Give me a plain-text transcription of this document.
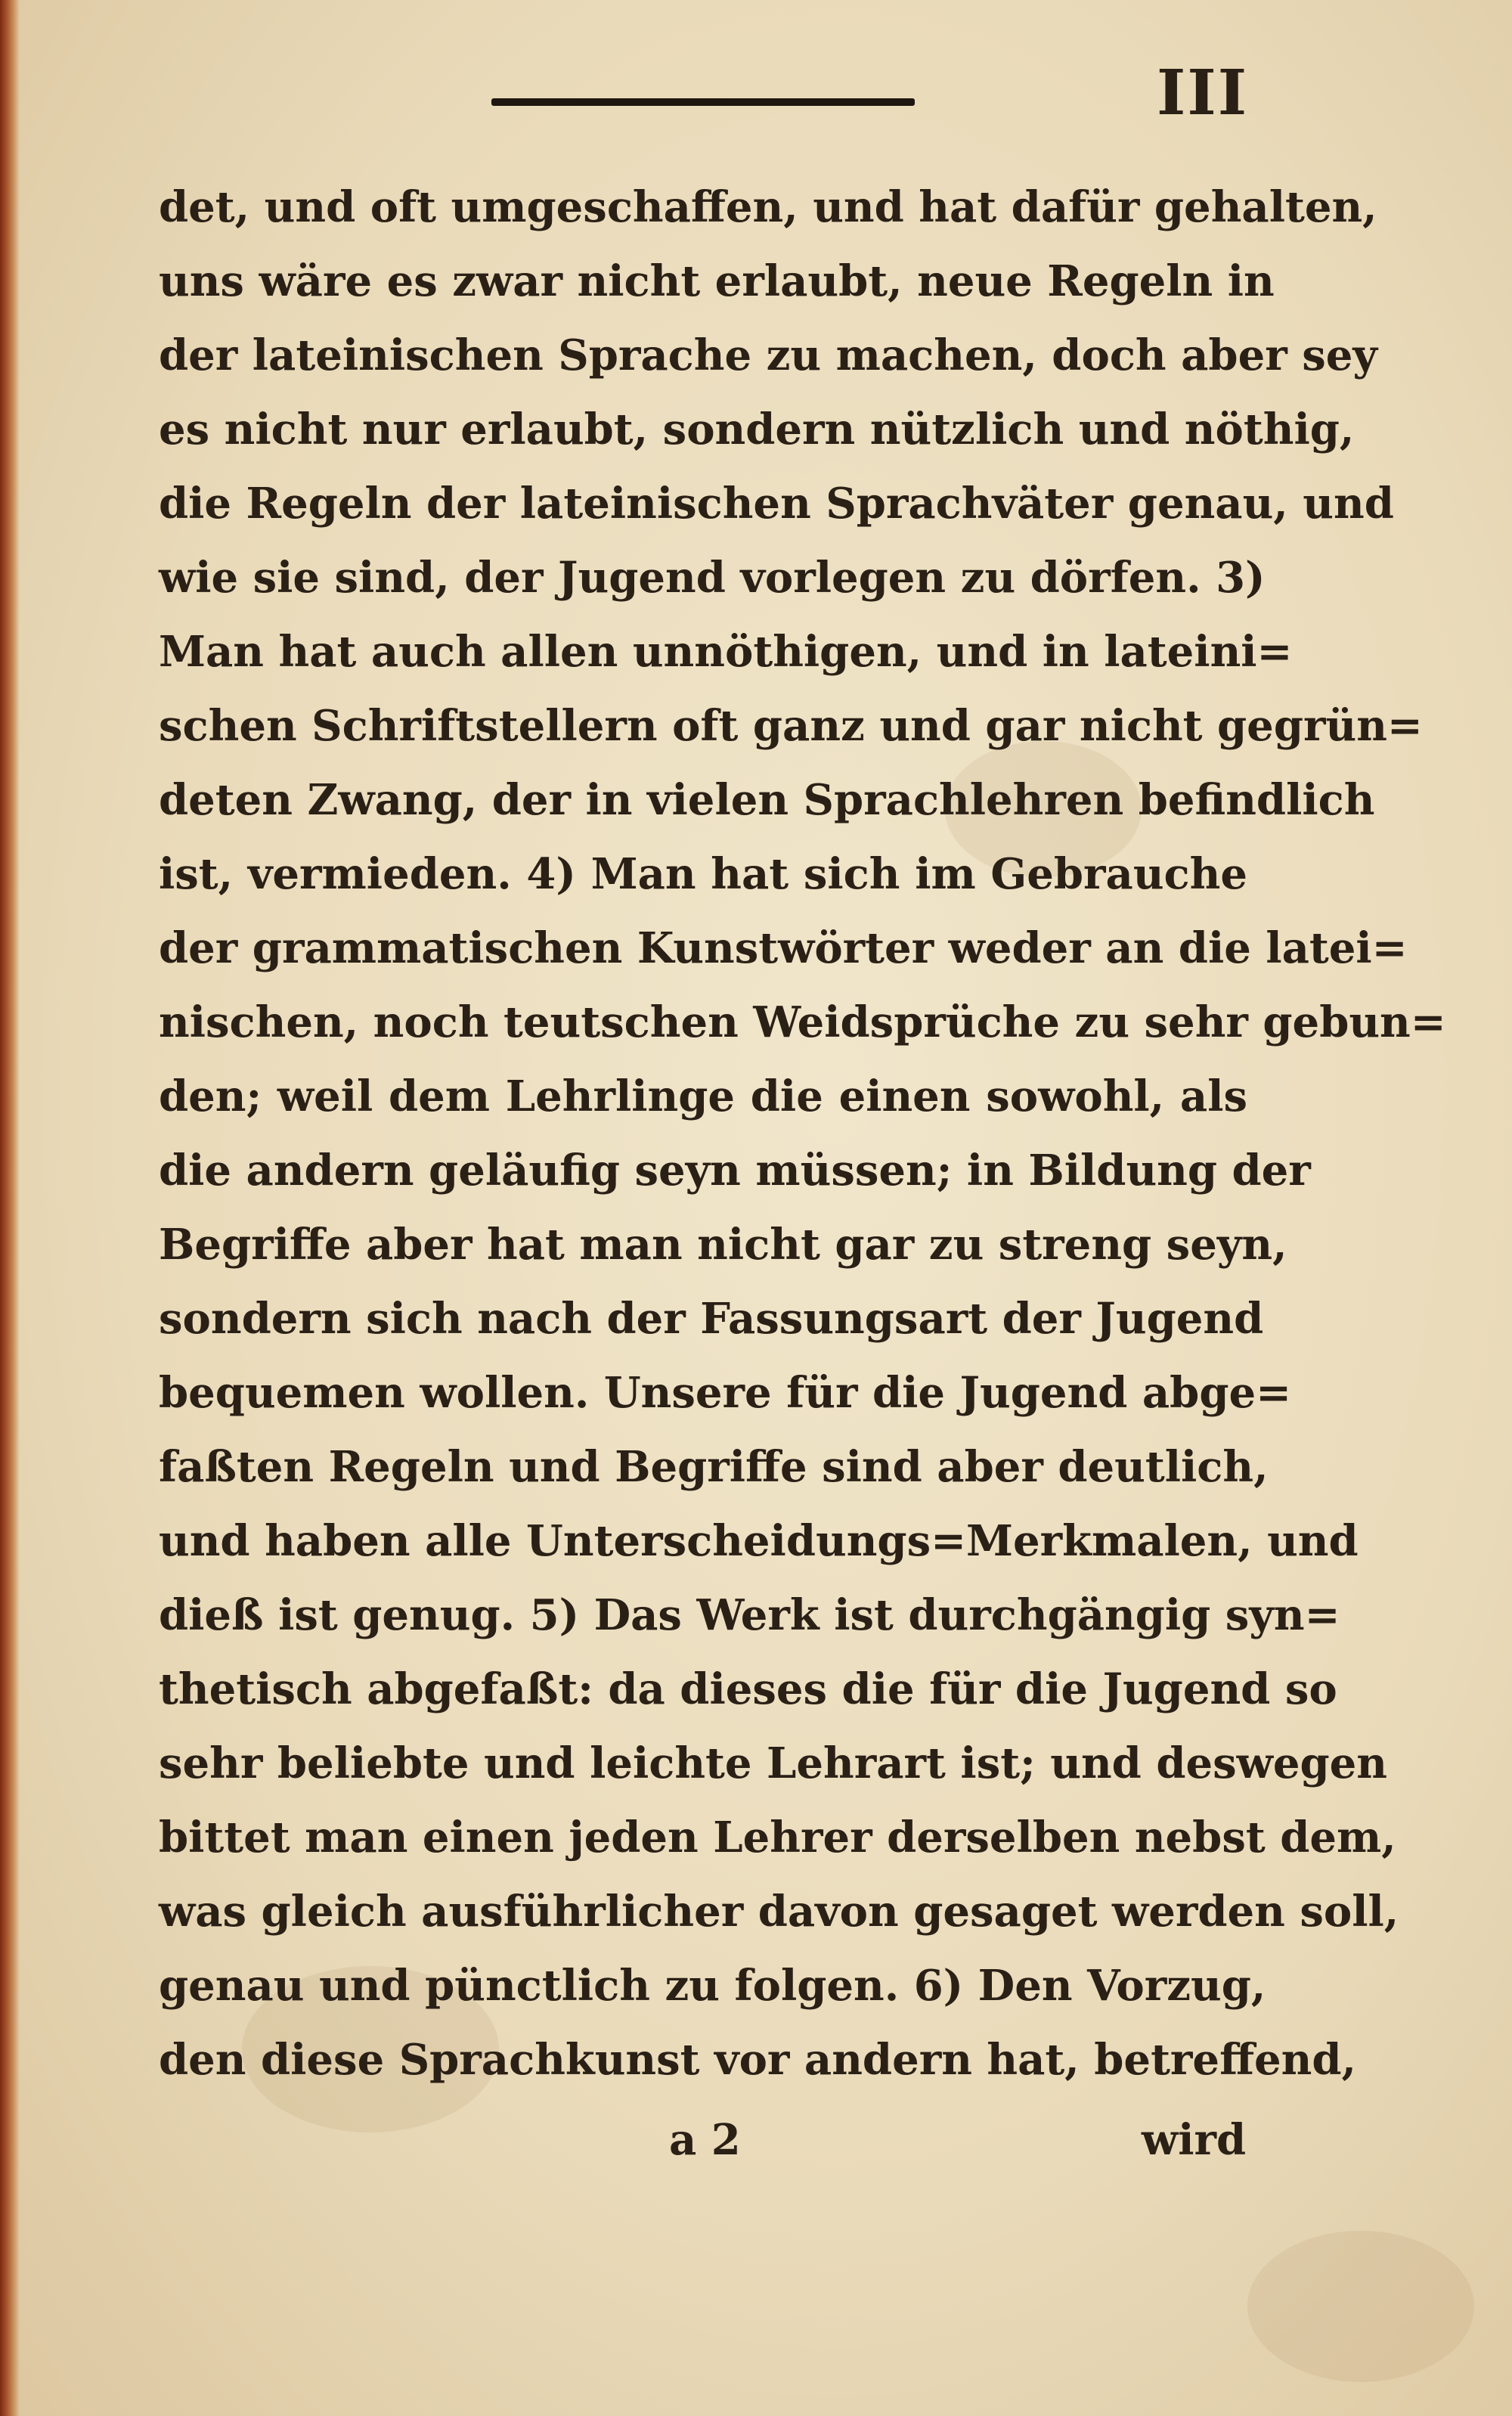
III
det, und oft umgeschaffen, und hat dafür gehalten,
uns wäre es zwar nicht erlaubt, neue Regeln in
der lateinischen Sprache zu machen, doch aber sey
es nicht nur erlaubt, sondern nützlich und nöthig,
die Regeln der lateinischen Sprachväter genau, und
wie sie sind, der Jugend vorlegen zu dörfen. 3)
Man hat auch allen unnöthigen, und in lateini=
schen Schriftstellern oft ganz und gar nicht gegrün=
deten Zwang, der in vielen Sprachlehren befindlich
ist, vermieden. 4) Man hat sich im Gebrauche
der grammatischen Kunstwörter weder an die latei=
nischen, noch teutschen Weidsprüche zu sehr gebun=
den; weil dem Lehrlinge die einen sowohl, als
die andern geläufig seyn müssen; in Bildung der
Begriffe aber hat man nicht gar zu streng seyn,
sondern sich nach der Fassungsart der Jugend
bequemen wollen. Unsere für die Jugend abge=
faßten Regeln und Begriffe sind aber deutlich,
und haben alle Unterscheidungs=Merkmalen, und
dieß ist genug. 5) Das Werk ist durchgängig syn=
thetisch abgefaßt: da dieses die für die Jugend so
sehr beliebte und leichte Lehrart ist; und deswegen
bittet man einen jeden Lehrer derselben nebst dem,
was gleich ausführlicher davon gesaget werden soll,
genau und pünctlich zu folgen. 6) Den Vorzug,
den diese Sprachkunst vor andern hat, betreffend,
a 2	wird
